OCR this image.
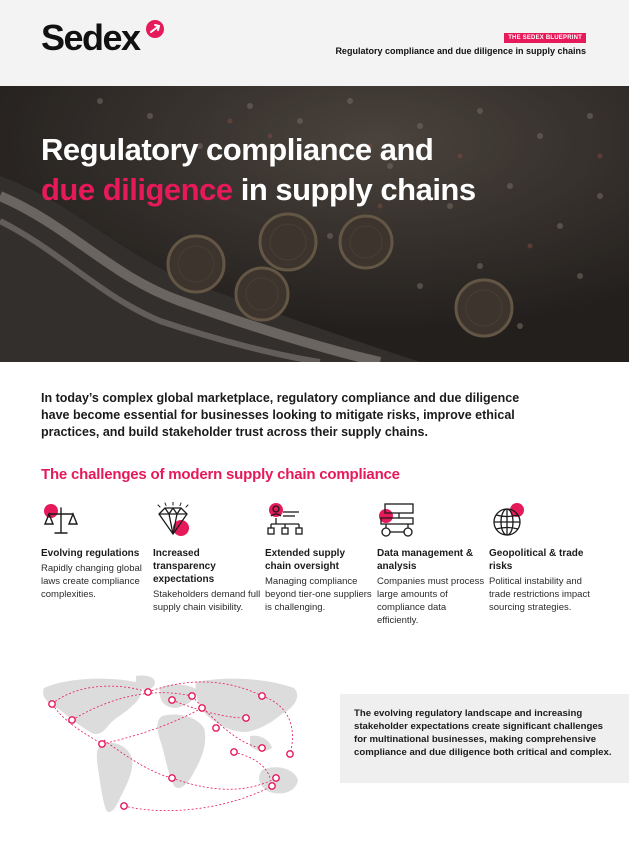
Sedex	THE SEDEX BLUEPRINT
Regulatory compliance and due diligence in supply chains
Regulatory compliance and
due diligence in supply chains
In today’s complex global marketplace, regulatory compliance and due diligence have become essential for businesses looking to mitigate risks, improve ethical practices, and build stakeholder trust across their supply chains.
The challenges of modern supply chain compliance
Evolving regulations
Rapidly changing global laws create compliance complexities.
Increased transparency expectations
Stakeholders demand full supply chain visibility.
Extended supply chain oversight
Managing compliance beyond tier-one suppliers is challenging.
Data management & analysis
Companies must process large amounts of compliance data efficiently.
Geopolitical & trade risks
Political instability and trade restrictions impact sourcing strategies.

The evolving regulatory landscape and increasing stakeholder expectations create significant challenges for multinational businesses, making comprehensive compliance and due diligence both critical and complex.
